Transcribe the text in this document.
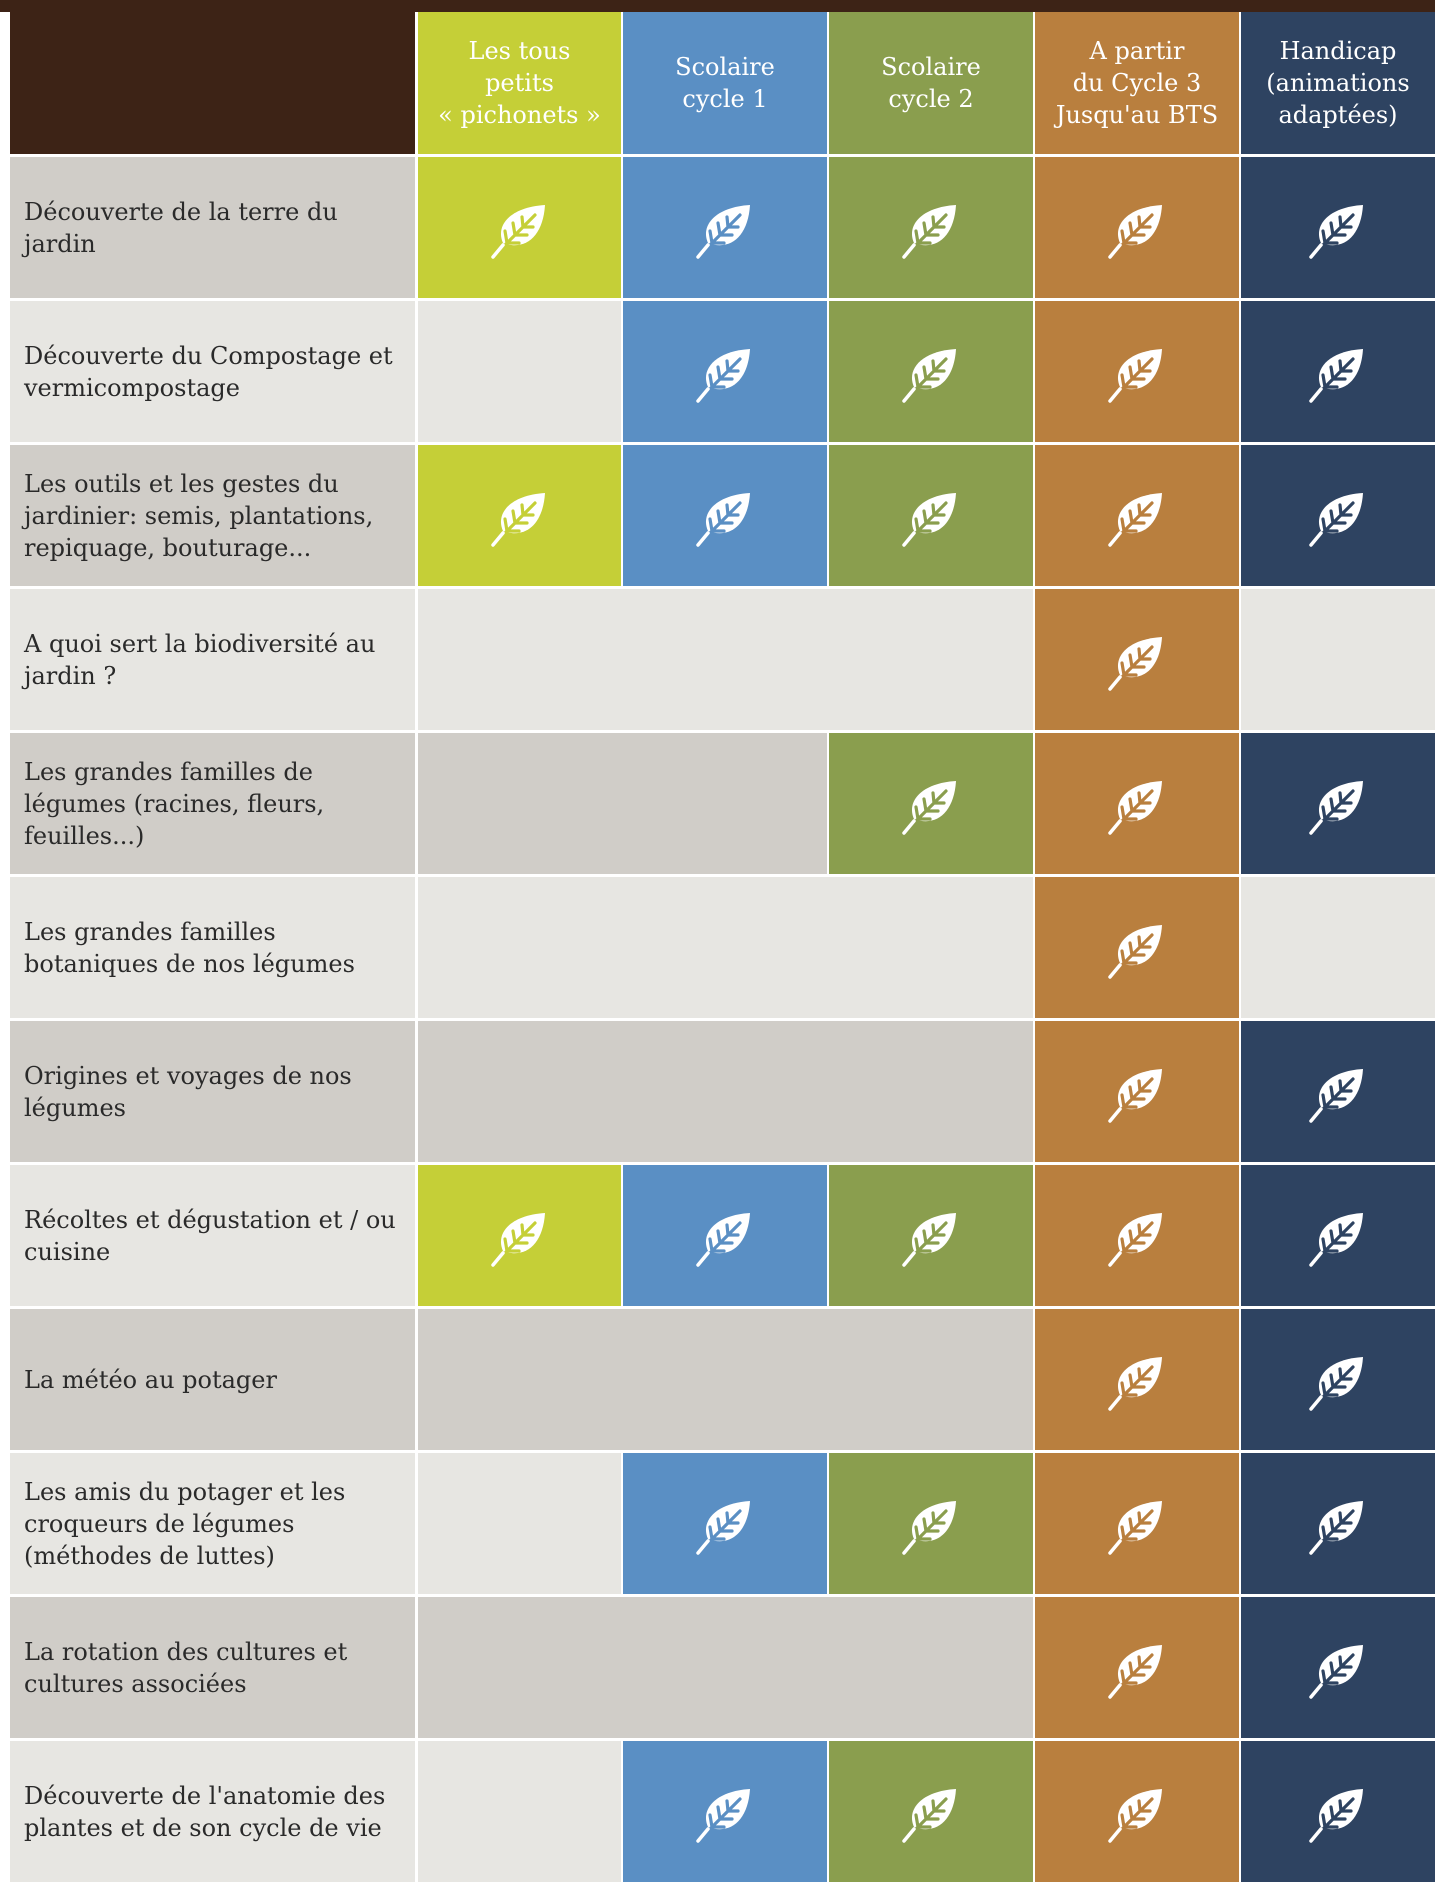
Les tous
petits
« pichonets »
Scolaire
cycle 1
Scolaire
cycle 2
A partir
du Cycle 3
Jusqu'au BTS
Handicap
(animations
adaptées)
Découverte de la terre du
jardin
Découverte du Compostage et
vermicompostage
Les outils et les gestes du
jardinier: semis, plantations,
repiquage, bouturage...
A quoi sert la biodiversité au
jardin ?
Les grandes familles de
légumes (racines, fleurs,
feuilles...)
Les grandes familles
botaniques de nos légumes
Origines et voyages de nos
légumes
Récoltes et dégustation et / ou
cuisine
La météo au potager
Les amis du potager et les
croqueurs de légumes
(méthodes de luttes)
La rotation des cultures et
cultures associées
Découverte de l'anatomie des
plantes et de son cycle de vie
